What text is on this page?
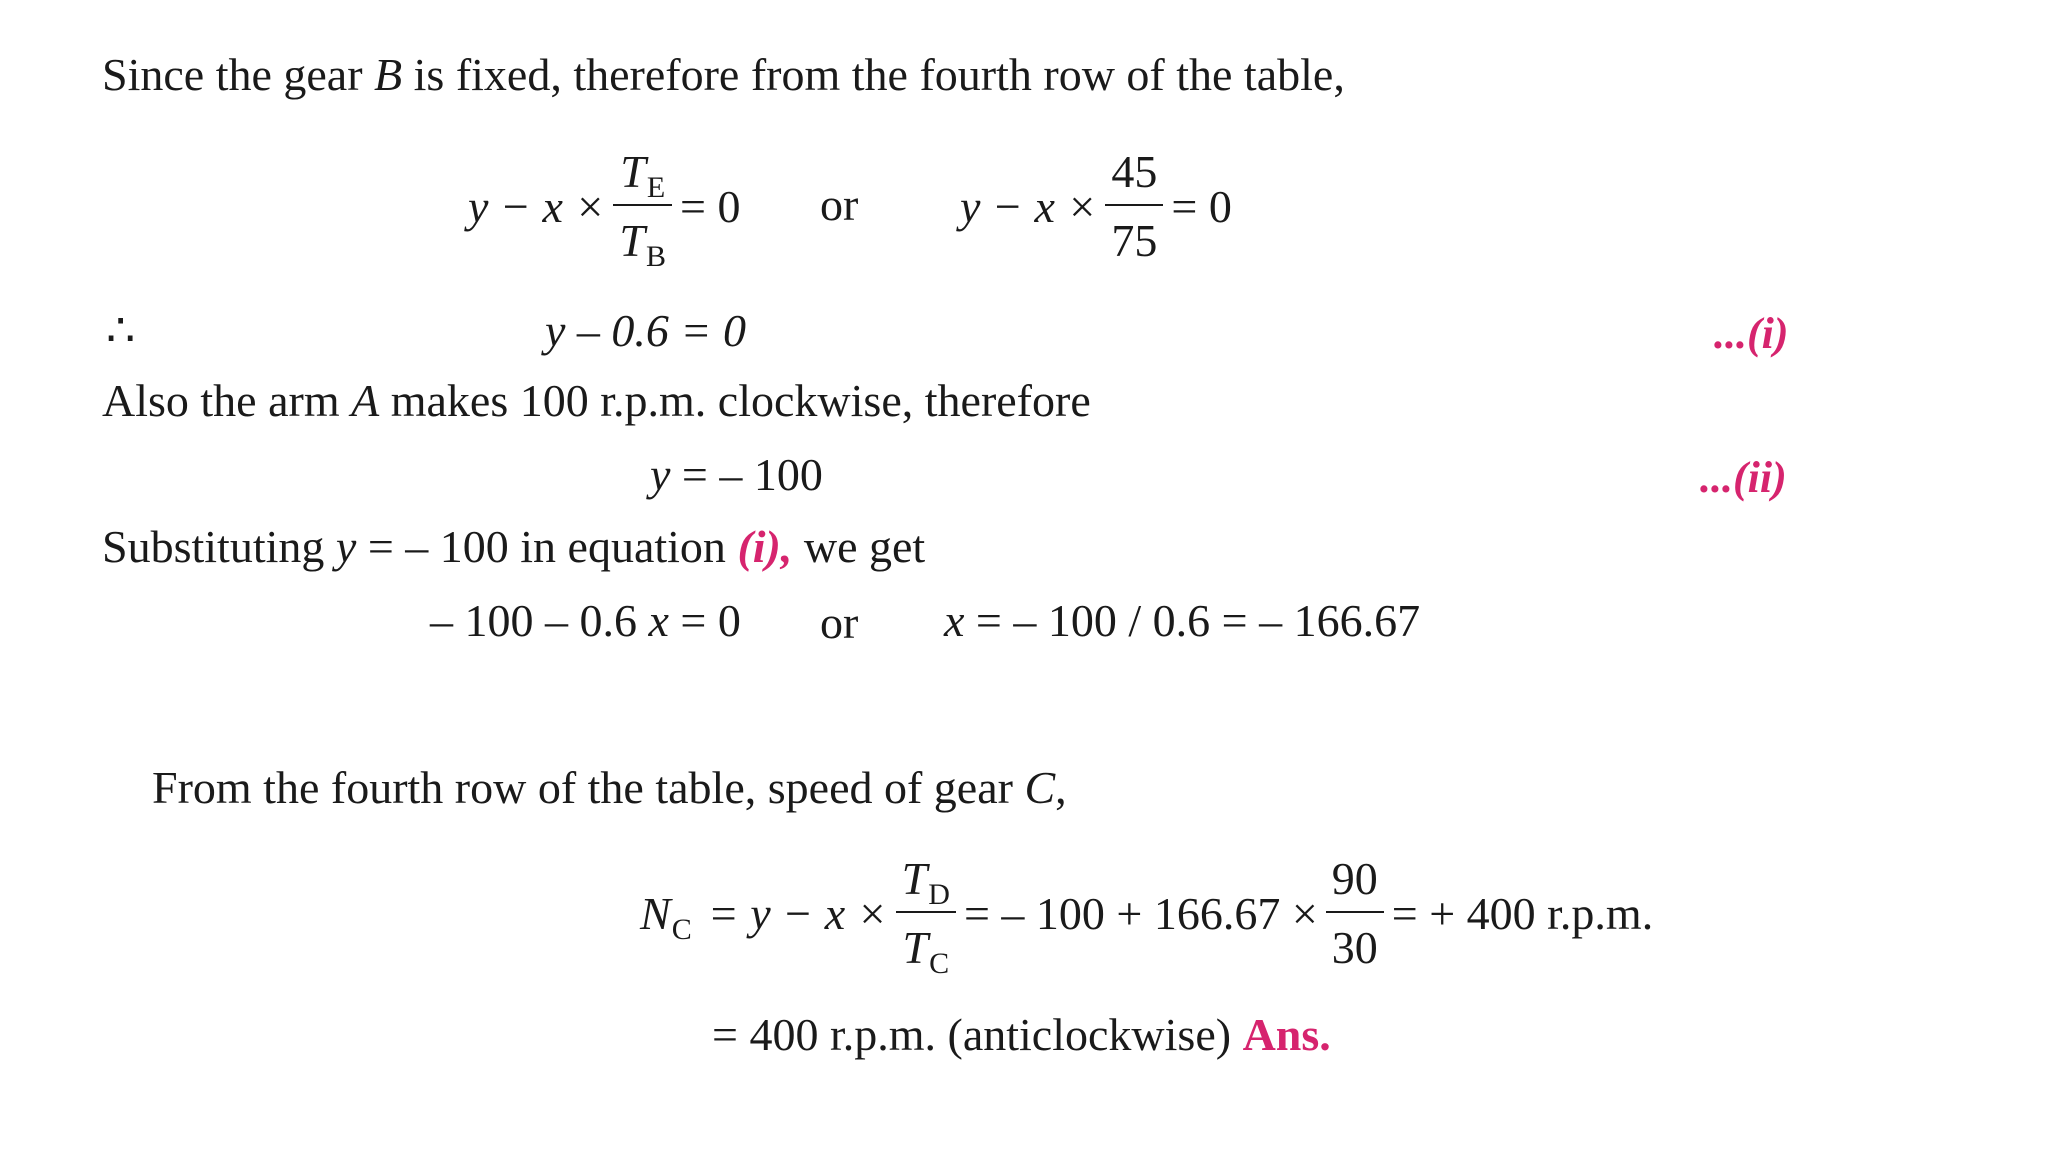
Since the gear B is fixed, therefore from the fourth row of the table,
$y - x \times \frac{T_E}{T_B} = 0$ or $y - x \times \frac{45}{75} = 0$
∴	y – 0.6 = 0	...(i)
Also the arm A makes 100 r.p.m. clockwise, therefore
y = – 100	...(ii)
Substituting y = – 100 in equation (i), we get
– 100 – 0.6 x = 0 or x = – 100 / 0.6 = – 166.67
From the fourth row of the table, speed of gear C,
$N_C = y - x \times \frac{T_D}{T_C}$ = – $100 + 166.67 \times \frac{90}{30}$ = + 400 r.p.m.
= 400 r.p.m. (anticlockwise) Ans.
